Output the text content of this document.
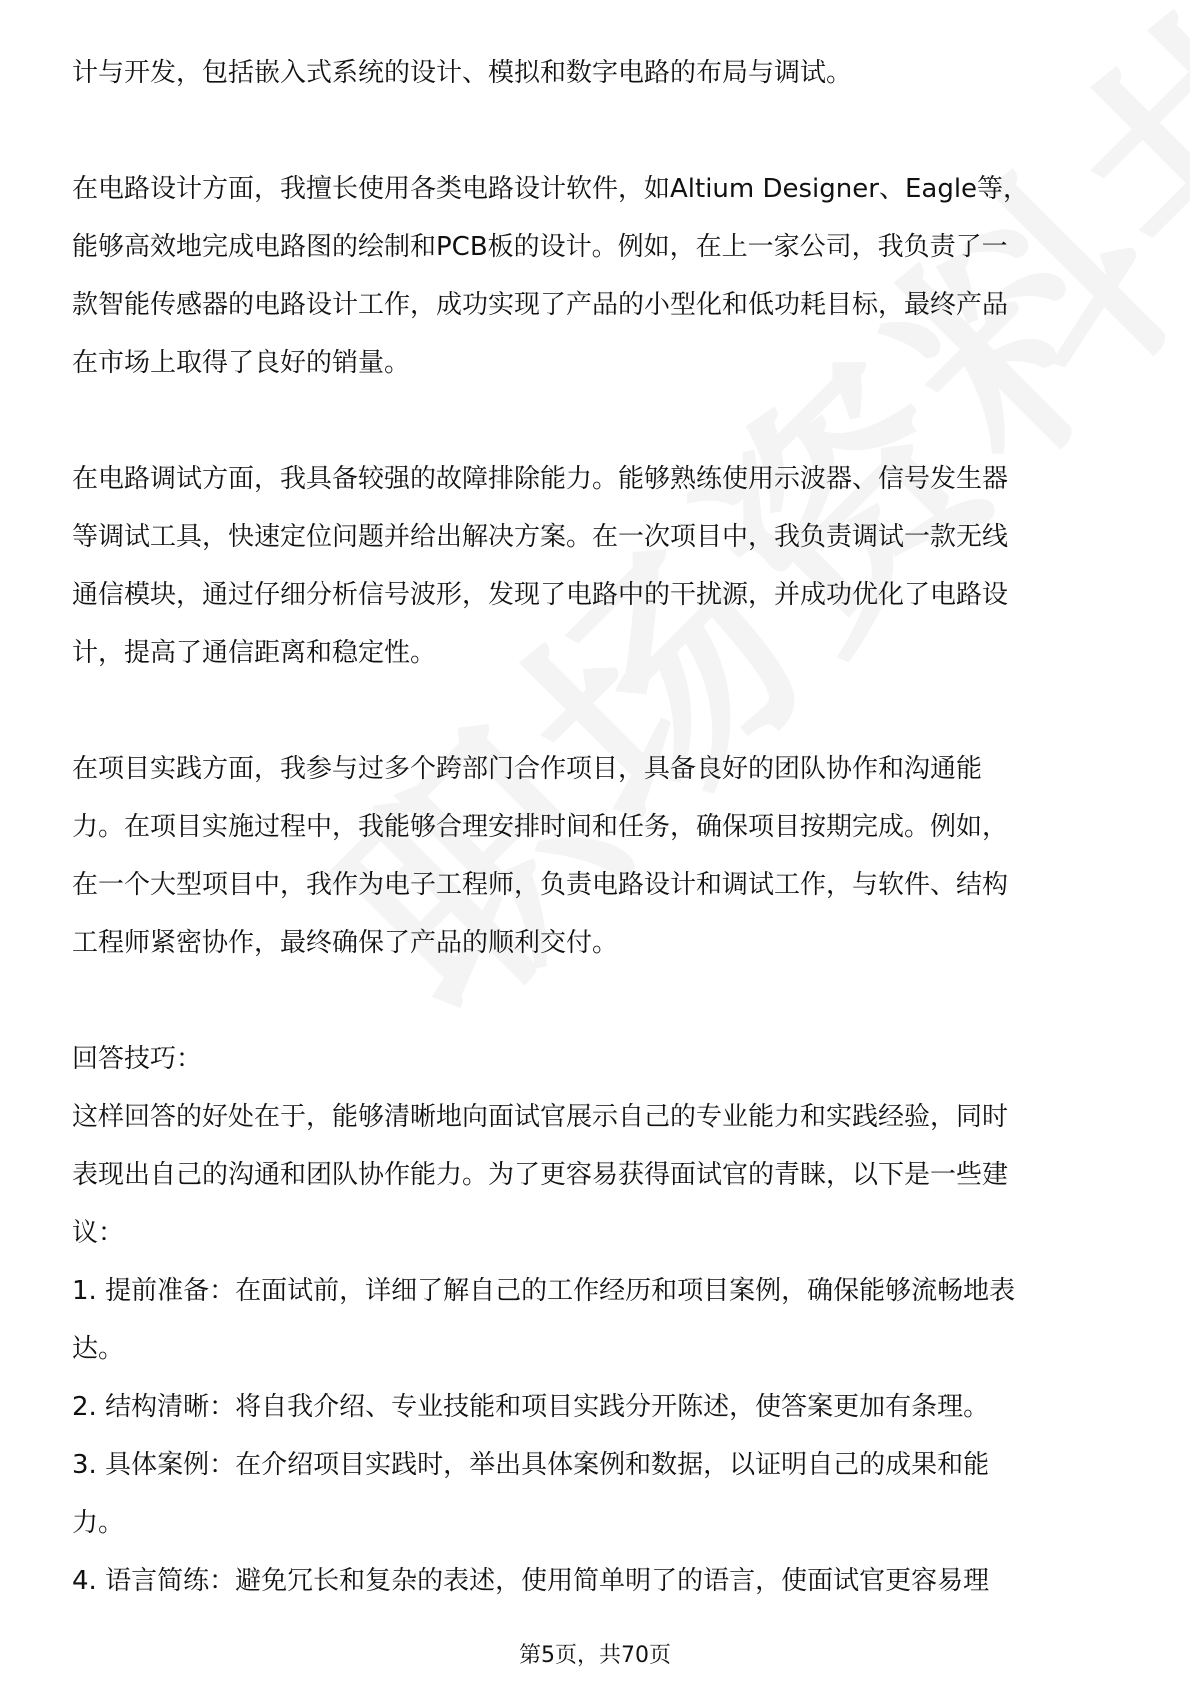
计与开发，包括嵌入式系统的设计、模拟和数字电路的布局与调试。
在电路设计方面，我擅长使用各类电路设计软件，如Altium Designer、Eagle等，
能够高效地完成电路图的绘制和PCB板的设计。例如，在上一家公司，我负责了一
款智能传感器的电路设计工作，成功实现了产品的小型化和低功耗目标，最终产品
在市场上取得了良好的销量。
在电路调试方面，我具备较强的故障排除能力。能够熟练使用示波器、信号发生器
等调试工具，快速定位问题并给出解决方案。在一次项目中，我负责调试一款无线
通信模块，通过仔细分析信号波形，发现了电路中的干扰源，并成功优化了电路设
计，提高了通信距离和稳定性。
在项目实践方面，我参与过多个跨部门合作项目，具备良好的团队协作和沟通能
力。在项目实施过程中，我能够合理安排时间和任务，确保项目按期完成。例如，
在一个大型项目中，我作为电子工程师，负责电路设计和调试工作，与软件、结构
工程师紧密协作，最终确保了产品的顺利交付。
回答技巧：
这样回答的好处在于，能够清晰地向面试官展示自己的专业能力和实践经验，同时
表现出自己的沟通和团队协作能力。为了更容易获得面试官的青睐，以下是一些建
议：
1. 提前准备：在面试前，详细了解自己的工作经历和项目案例，确保能够流畅地表
达。
2. 结构清晰：将自我介绍、专业技能和项目实践分开陈述，使答案更加有条理。
3. 具体案例：在介绍项目实践时，举出具体案例和数据，以证明自己的成果和能
力。
4. 语言简练：避免冗长和复杂的表述，使用简单明了的语言，使面试官更容易理
第5页，共70页
